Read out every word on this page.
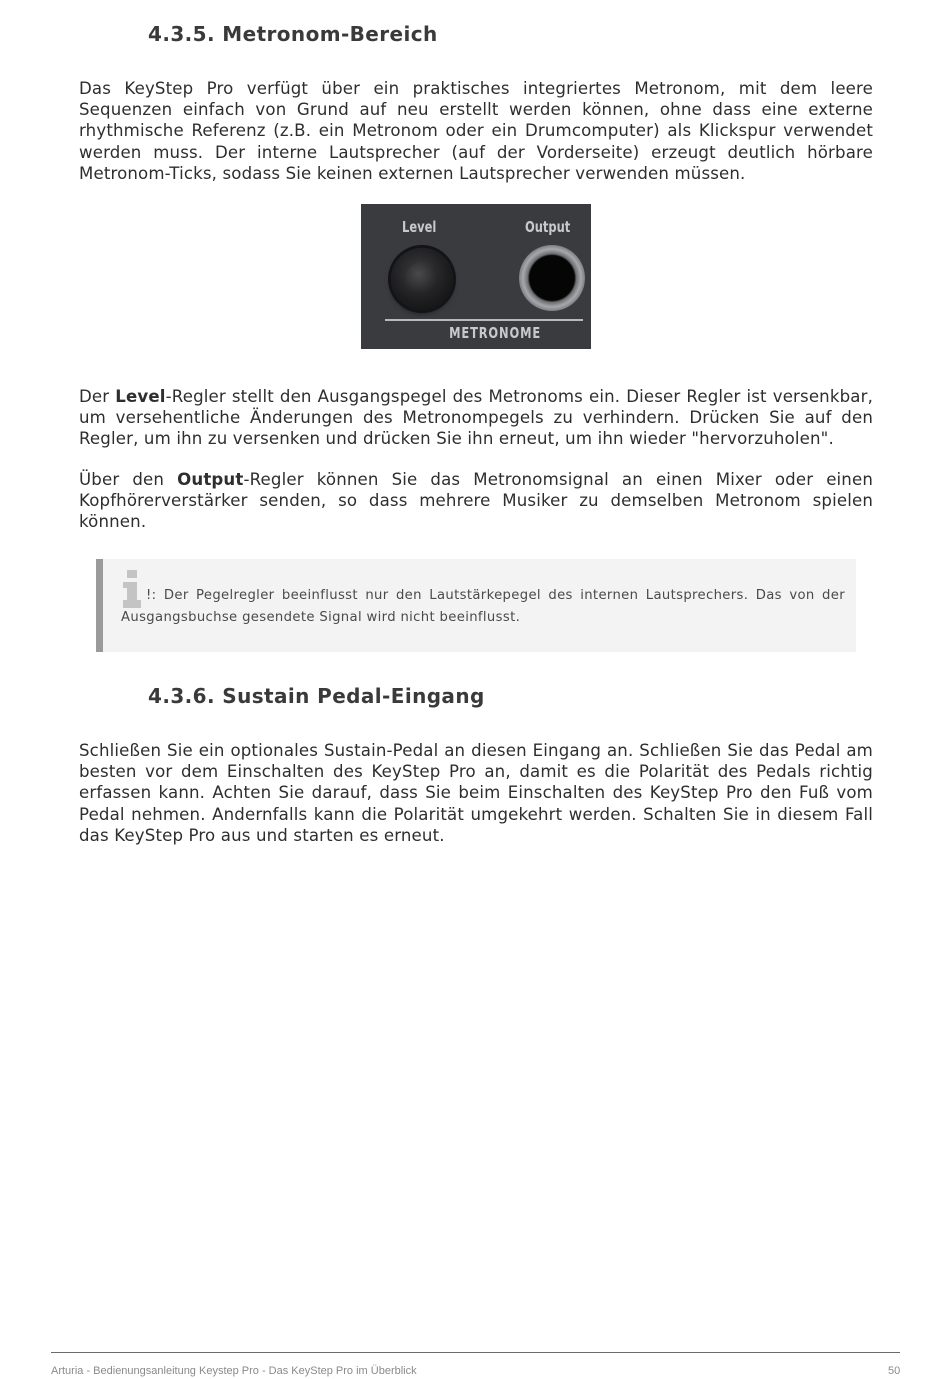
4.3.5. Metronom-Bereich

Das KeyStep Pro verfügt über ein praktisches integriertes Metronom, mit dem leere Sequenzen einfach von Grund auf neu erstellt werden können, ohne dass eine externe rhythmische Referenz (z.B. ein Metronom oder ein Drumcomputer) als Klickspur verwendet werden muss. Der interne Lautsprecher (auf der Vorderseite) erzeugt deutlich hörbare Metronom-Ticks, sodass Sie keinen externen Lautsprecher verwenden müssen.

Level	Output
METRONOME

Der Level-Regler stellt den Ausgangspegel des Metronoms ein. Dieser Regler ist versenkbar, um versehentliche Änderungen des Metronompegels zu verhindern. Drücken Sie auf den Regler, um ihn zu versenken und drücken Sie ihn erneut, um ihn wieder "hervorzuholen".

Über den Output-Regler können Sie das Metronomsignal an einen Mixer oder einen Kopfhörerverstärker senden, so dass mehrere Musiker zu demselben Metronom spielen können.

!: Der Pegelregler beeinflusst nur den Lautstärkepegel des internen Lautsprechers. Das von der Ausgangsbuchse gesendete Signal wird nicht beeinflusst.

4.3.6. Sustain Pedal-Eingang

Schließen Sie ein optionales Sustain-Pedal an diesen Eingang an. Schließen Sie das Pedal am besten vor dem Einschalten des KeyStep Pro an, damit es die Polarität des Pedals richtig erfassen kann. Achten Sie darauf, dass Sie beim Einschalten des KeyStep Pro den Fuß vom Pedal nehmen. Andernfalls kann die Polarität umgekehrt werden. Schalten Sie in diesem Fall das KeyStep Pro aus und starten es erneut.

Arturia - Bedienungsanleitung Keystep Pro - Das KeyStep Pro im Überblick	50
